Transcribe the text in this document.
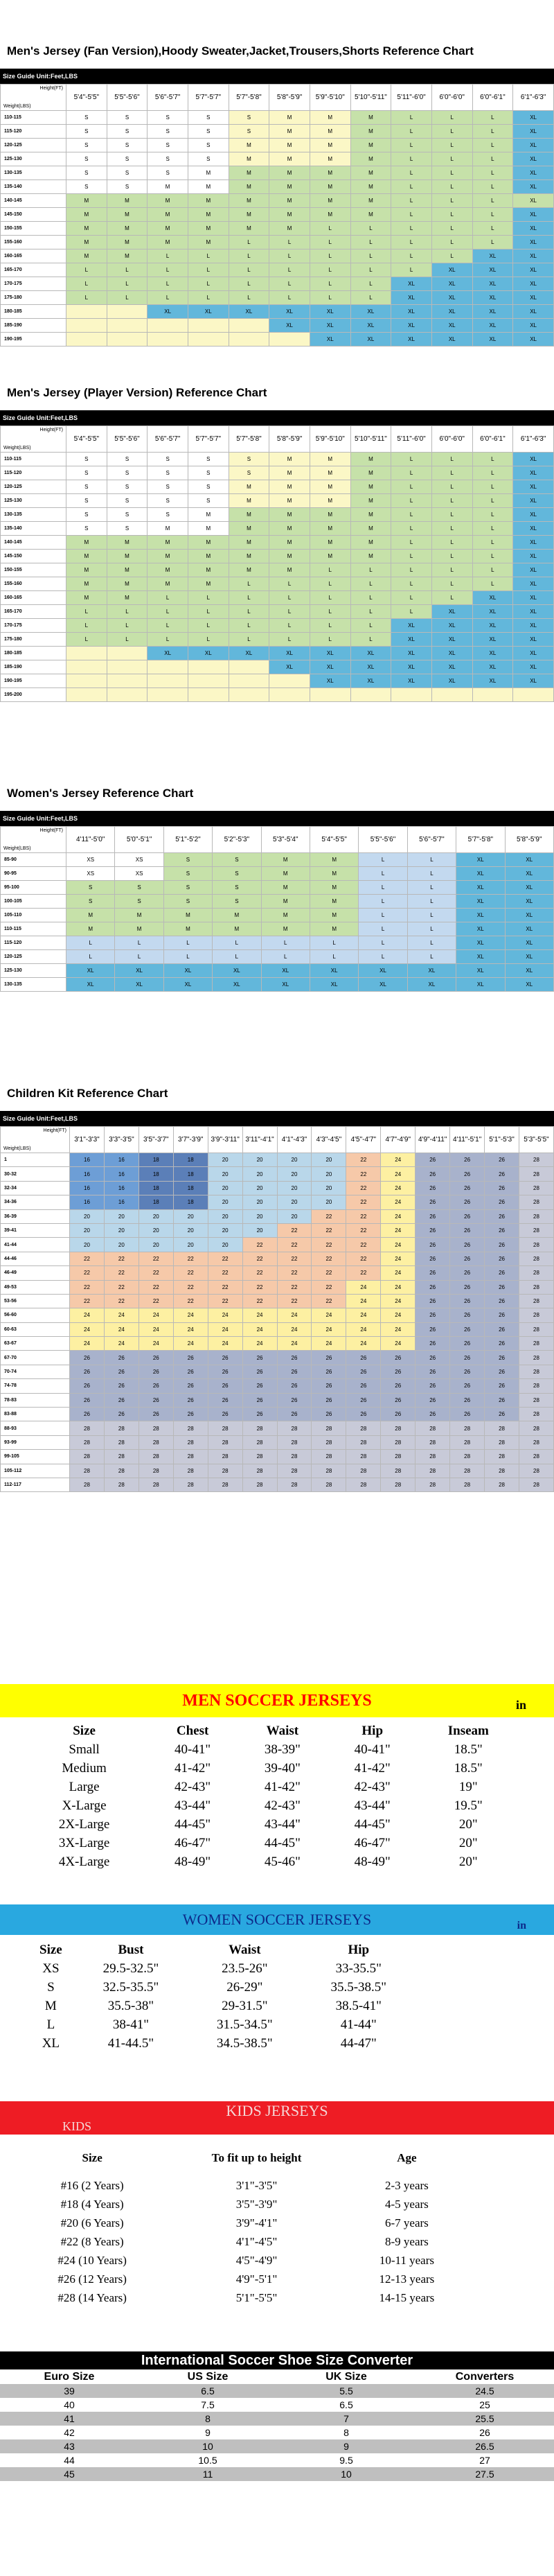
Men's Jersey (Fan Version),Hoody Sweater,Jacket,Trousers,Shorts Reference Chart
Size Guide Unit:Feet,LBS
Height(FT)
Weight(LBS)	5'4"-5'5"	5'5"-5'6"	5'6"-5'7"	5'7"-5'7"	5'7"-5'8"	5'8"-5'9"	5'9"-5'10"	5'10"-5'11"	5'11"-6'0"	6'0"-6'0"	6'0"-6'1"	6'1"-6'3"
110-115	S	S	S	S	S	M	M	M	L	L	L	XL
115-120	S	S	S	S	S	M	M	M	L	L	L	XL
120-125	S	S	S	S	M	M	M	M	L	L	L	XL
125-130	S	S	S	S	M	M	M	M	L	L	L	XL
130-135	S	S	S	M	M	M	M	M	L	L	L	XL
135-140	S	S	M	M	M	M	M	M	L	L	L	XL
140-145	M	M	M	M	M	M	M	M	L	L	L	XL
145-150	M	M	M	M	M	M	M	M	L	L	L	XL
150-155	M	M	M	M	M	M	L	L	L	L	L	XL
155-160	M	M	M	M	L	L	L	L	L	L	L	XL
160-165	M	M	L	L	L	L	L	L	L	L	XL	XL
165-170	L	L	L	L	L	L	L	L	L	XL	XL	XL
170-175	L	L	L	L	L	L	L	L	XL	XL	XL	XL
175-180	L	L	L	L	L	L	L	L	XL	XL	XL	XL
180-185			XL	XL	XL	XL	XL	XL	XL	XL	XL	XL
185-190						XL	XL	XL	XL	XL	XL	XL
190-195							XL	XL	XL	XL	XL	XL
Men's Jersey (Player Version) Reference Chart
Size Guide Unit:Feet,LBS
Height(FT)
Weight(LBS)	5'4"-5'5"	5'5"-5'6"	5'6"-5'7"	5'7"-5'7"	5'7"-5'8"	5'8"-5'9"	5'9"-5'10"	5'10"-5'11"	5'11"-6'0"	6'0"-6'0"	6'0"-6'1"	6'1"-6'3"
110-115	S	S	S	S	S	M	M	M	L	L	L	XL
115-120	S	S	S	S	S	M	M	M	L	L	L	XL
120-125	S	S	S	S	M	M	M	M	L	L	L	XL
125-130	S	S	S	S	M	M	M	M	L	L	L	XL
130-135	S	S	S	M	M	M	M	M	L	L	L	XL
135-140	S	S	M	M	M	M	M	M	L	L	L	XL
140-145	M	M	M	M	M	M	M	M	L	L	L	XL
145-150	M	M	M	M	M	M	M	M	L	L	L	XL
150-155	M	M	M	M	M	M	L	L	L	L	L	XL
155-160	M	M	M	M	L	L	L	L	L	L	L	XL
160-165	M	M	L	L	L	L	L	L	L	L	XL	XL
165-170	L	L	L	L	L	L	L	L	L	XL	XL	XL
170-175	L	L	L	L	L	L	L	L	XL	XL	XL	XL
175-180	L	L	L	L	L	L	L	L	XL	XL	XL	XL
180-185			XL	XL	XL	XL	XL	XL	XL	XL	XL	XL
185-190						XL	XL	XL	XL	XL	XL	XL
190-195							XL	XL	XL	XL	XL	XL
195-200												
Women's Jersey Reference Chart
Size Guide Unit:Feet,LBS
Height(FT)
Weight(LBS)	4'11"-5'0"	5'0"-5'1"	5'1"-5'2"	5'2"-5'3"	5'3"-5'4"	5'4"-5'5"	5'5"-5'6"	5'6"-5'7"	5'7"-5'8"	5'8"-5'9"
85-90	XS	XS	S	S	M	M	L	L	XL	XL
90-95	XS	XS	S	S	M	M	L	L	XL	XL
95-100	S	S	S	S	M	M	L	L	XL	XL
100-105	S	S	S	S	M	M	L	L	XL	XL
105-110	M	M	M	M	M	M	L	L	XL	XL
110-115	M	M	M	M	M	M	L	L	XL	XL
115-120	L	L	L	L	L	L	L	L	XL	XL
120-125	L	L	L	L	L	L	L	L	XL	XL
125-130	XL	XL	XL	XL	XL	XL	XL	XL	XL	XL
130-135	XL	XL	XL	XL	XL	XL	XL	XL	XL	XL
Children Kit Reference Chart
Size Guide Unit:Feet,LBS
Height(FT)
Weight(LBS)	3'1"-3'3"	3'3"-3'5"	3'5"-3'7"	3'7"-3'9"	3'9"-3'11"	3'11"-4'1"	4'1"-4'3"	4'3"-4'5"	4'5"-4'7"	4'7"-4'9"	4'9"-4'11"	4'11"-5'1"	5'1"-5'3"	5'3"-5'5"
1	16	16	18	18	20	20	20	20	22	24	26	26	26	28
30-32	16	16	18	18	20	20	20	20	22	24	26	26	26	28
32-34	16	16	18	18	20	20	20	20	22	24	26	26	26	28
34-36	16	16	18	18	20	20	20	20	22	24	26	26	26	28
36-39	20	20	20	20	20	20	20	22	22	24	26	26	26	28
39-41	20	20	20	20	20	20	22	22	22	24	26	26	26	28
41-44	20	20	20	20	20	22	22	22	22	24	26	26	26	28
44-46	22	22	22	22	22	22	22	22	22	24	26	26	26	28
46-49	22	22	22	22	22	22	22	22	22	24	26	26	26	28
49-53	22	22	22	22	22	22	22	22	24	24	26	26	26	28
53-56	22	22	22	22	22	22	22	22	24	24	26	26	26	28
56-60	24	24	24	24	24	24	24	24	24	24	26	26	26	28
60-63	24	24	24	24	24	24	24	24	24	24	26	26	26	28
63-67	24	24	24	24	24	24	24	24	24	24	26	26	26	28
67-70	26	26	26	26	26	26	26	26	26	26	26	26	26	28
70-74	26	26	26	26	26	26	26	26	26	26	26	26	26	28
74-78	26	26	26	26	26	26	26	26	26	26	26	26	26	28
78-83	26	26	26	26	26	26	26	26	26	26	26	26	26	28
83-88	26	26	26	26	26	26	26	26	26	26	26	26	26	28
88-93	28	28	28	28	28	28	28	28	28	28	28	28	28	28
93-99	28	28	28	28	28	28	28	28	28	28	28	28	28	28
99-105	28	28	28	28	28	28	28	28	28	28	28	28	28	28
105-112	28	28	28	28	28	28	28	28	28	28	28	28	28	28
112-117	28	28	28	28	28	28	28	28	28	28	28	28	28	28
MEN SOCCER JERSEYS	in
Size	Chest	Waist	Hip	Inseam
Small	40-41"	38-39"	40-41"	18.5"
Medium	41-42"	39-40"	41-42"	18.5"
Large	42-43"	41-42"	42-43"	19"
X-Large	43-44"	42-43"	43-44"	19.5"
2X-Large	44-45"	43-44"	44-45"	20"
3X-Large	46-47"	44-45"	46-47"	20"
4X-Large	48-49"	45-46"	48-49"	20"
WOMEN SOCCER JERSEYS	in
Size	Bust	Waist	Hip
XS	29.5-32.5"	23.5-26"	33-35.5"
S	32.5-35.5"	26-29"	35.5-38.5"
M	35.5-38"	29-31.5"	38.5-41"
L	38-41"	31.5-34.5"	41-44"
XL	41-44.5"	34.5-38.5"	44-47"
KIDS JERSEYS
KIDS
Size	To fit up to height	Age
#16 (2 Years)	3'1"-3'5"	2-3 years
#18 (4 Years)	3'5"-3'9"	4-5 years
#20 (6 Years)	3'9"-4'1"	6-7 years
#22 (8 Years)	4'1"-4'5"	8-9 years
#24 (10 Years)	4'5"-4'9"	10-11 years
#26 (12 Years)	4'9"-5'1"	12-13 years
#28 (14 Years)	5'1"-5'5"	14-15 years
International Soccer Shoe Size Converter
Euro Size	US Size	UK Size	Converters
39	6.5	5.5	24.5
40	7.5	6.5	25
41	8	7	25.5
42	9	8	26
43	10	9	26.5
44	10.5	9.5	27
45	11	10	27.5
